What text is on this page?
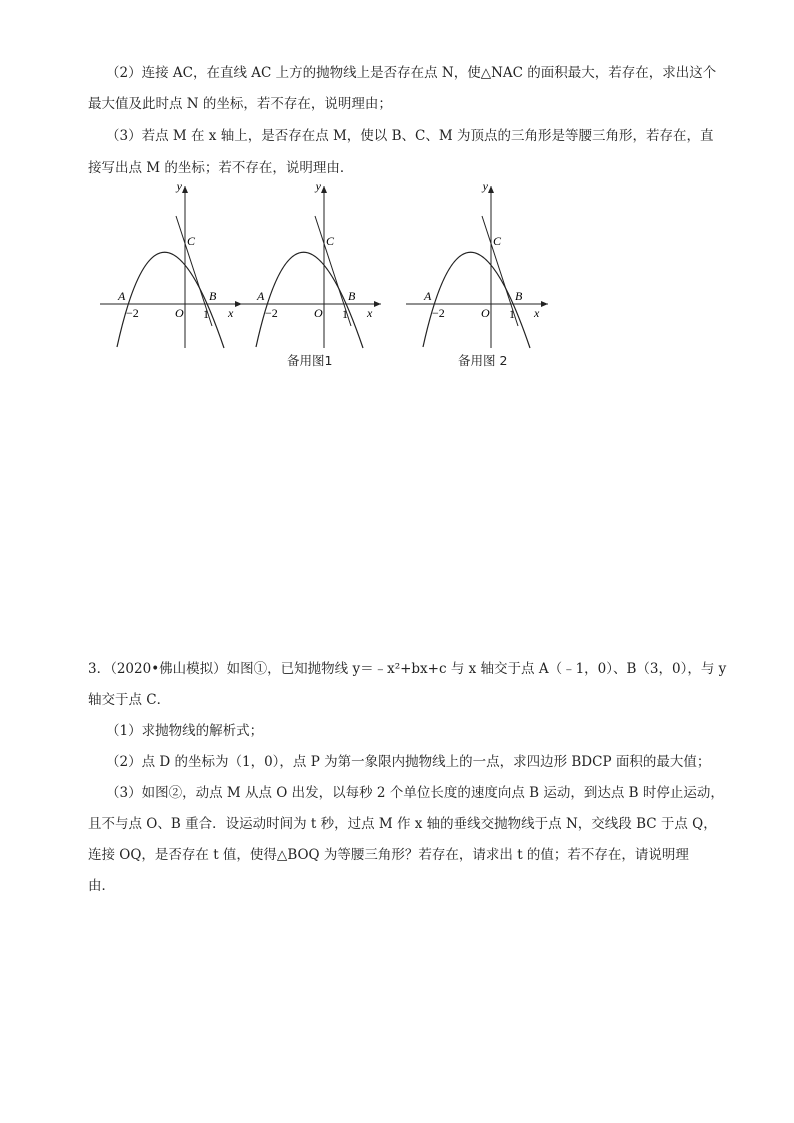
（2）连接 AC，在直线 AC 上方的抛物线上是否存在点 N，使△NAC 的面积最大，若存在，求出这个
最大值及此时点 N 的坐标，若不存在，说明理由；
（3）若点 M 在 x 轴上，是否存在点 M，使以 B、C、M 为顶点的三角形是等腰三角形，若存在，直
接写出点 M 的坐标；若不存在，说明理由．
y
x
C
A	B
O
−2	1
y
x
C
A	B
O
−2	1
y
x
C
A	B
O
−2	1
备用图1	备用图 2
3．（2020•佛山模拟）如图①，已知抛物线 y＝﹣x²+bx+c 与 x 轴交于点 A（﹣1，0）、B（3，0），与 y
轴交于点 C．
（1）求抛物线的解析式；
（2）点 D 的坐标为（1，0），点 P 为第一象限内抛物线上的一点，求四边形 BDCP 面积的最大值；
（3）如图②，动点 M 从点 O 出发，以每秒 2 个单位长度的速度向点 B 运动，到达点 B 时停止运动，
且不与点 O、B 重合．设运动时间为 t 秒，过点 M 作 x 轴的垂线交抛物线于点 N，交线段 BC 于点 Q，
连接 OQ，是否存在 t 值，使得△BOQ 为等腰三角形？若存在，请求出 t 的值；若不存在，请说明理
由．
